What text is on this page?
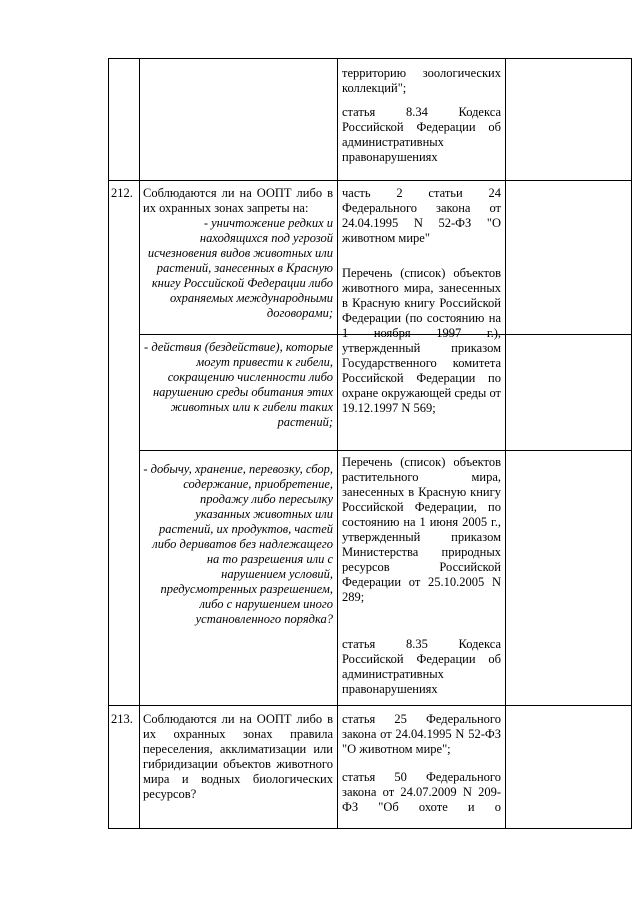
территорию зоологических коллекций";
статья 8.34 Кодекса Российской Федерации об административных правонарушениях
212. Соблюдаются ли на ООПТ либо в их охранных зонах запреты на:
- уничтожение редких и находящихся под угрозой исчезновения видов животных или растений, занесенных в Красную книгу Российской Федерации либо охраняемых международными договорами;
- действия (бездействие), которые могут привести к гибели, сокращению численности либо нарушению среды обитания этих животных или к гибели таких растений;
- добычу, хранение, перевозку, сбор, содержание, приобретение, продажу либо пересылку указанных животных или растений, их продуктов, частей либо дериватов без надлежащего на то разрешения или с нарушением условий, предусмотренных разрешением, либо с нарушением иного установленного порядка?
часть 2 статьи 24 Федерального закона от 24.04.1995 N 52-ФЗ "О животном мире"
Перечень (список) объектов животного мира, занесенных в Красную книгу Российской Федерации (по состоянию на 1 ноября 1997 г.), утвержденный приказом Государственного комитета Российской Федерации по охране окружающей среды от 19.12.1997 N 569;
Перечень (список) объектов растительного мира, занесенных в Красную книгу Российской Федерации, по состоянию на 1 июня 2005 г., утвержденный приказом Министерства природных ресурсов Российской Федерации от 25.10.2005 N 289;
статья 8.35 Кодекса Российской Федерации об административных правонарушениях
213. Соблюдаются ли на ООПТ либо в их охранных зонах правила переселения, акклиматизации или гибридизации объектов животного мира и водных биологических ресурсов?
статья 25 Федерального закона от 24.04.1995 N 52-ФЗ "О животном мире";
статья 50 Федерального закона от 24.07.2009 N 209-ФЗ "Об охоте и о
